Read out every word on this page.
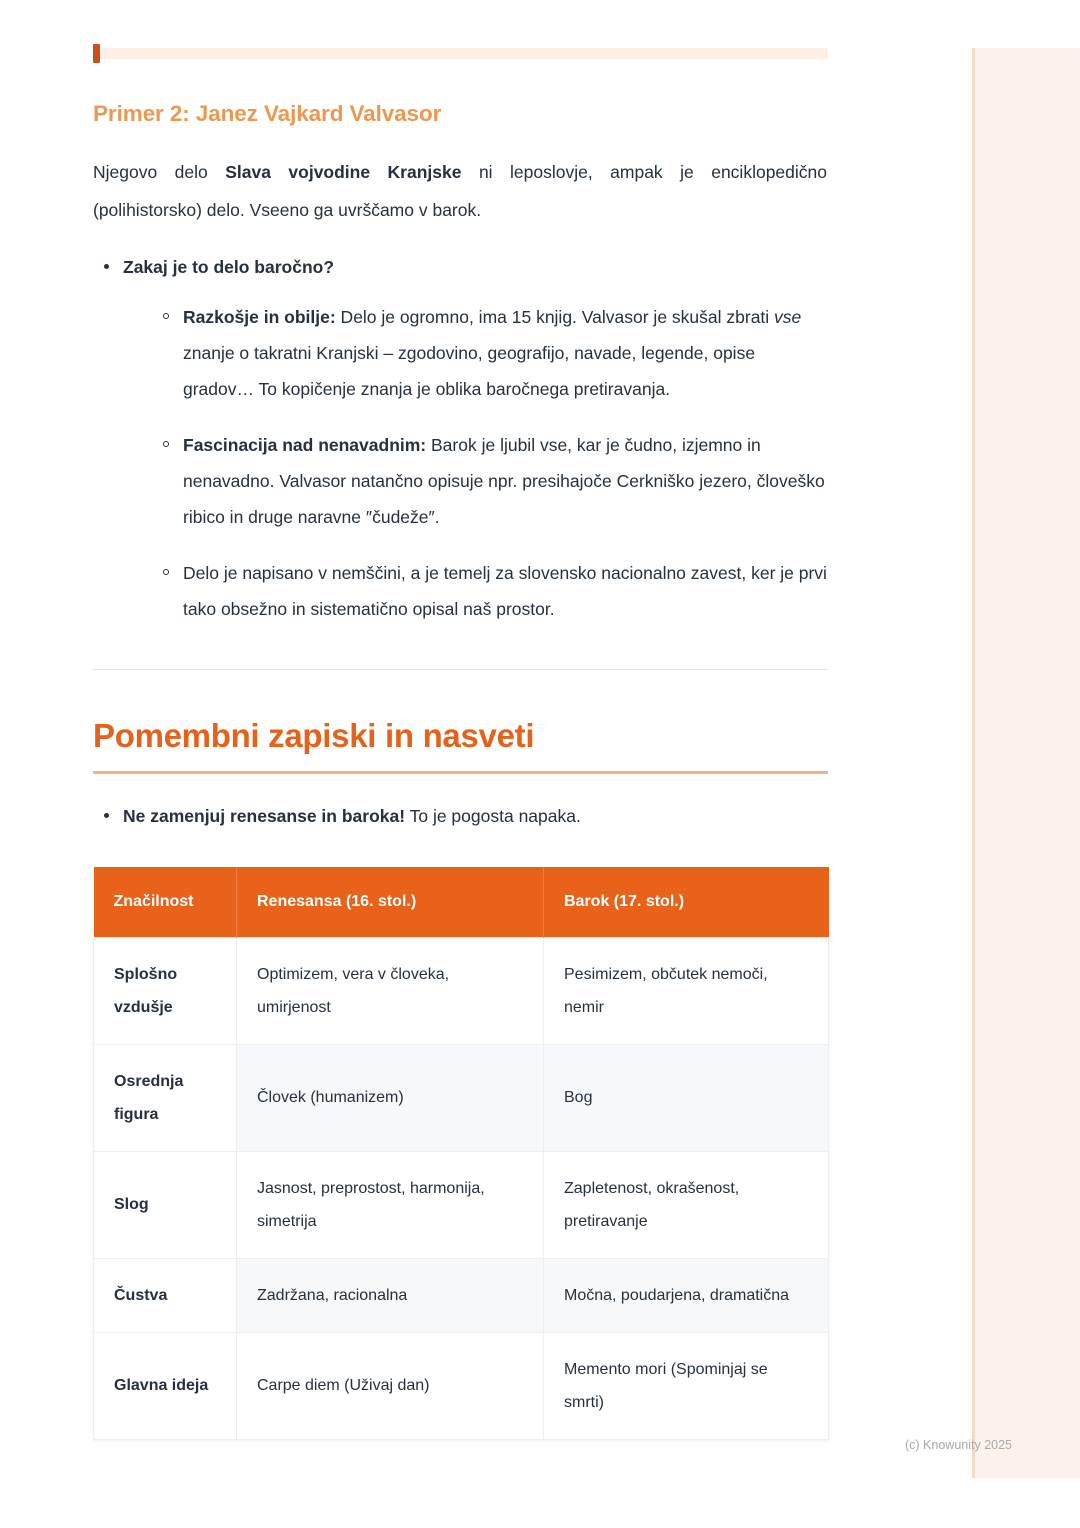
Primer 2: Janez Vajkard Valvasor

Njegovo delo Slava vojvodine Kranjske ni leposlovje, ampak je enciklopedično (polihistorsko) delo. Vseeno ga uvrščamo v barok.

Zakaj je to delo baročno?
Razkošje in obilje: Delo je ogromno, ima 15 knjig. Valvasor je skušal zbrati vse znanje o takratni Kranjski – zgodovino, geografijo, navade, legende, opise gradov… To kopičenje znanja je oblika baročnega pretiravanja.
Fascinacija nad nenavadnim: Barok je ljubil vse, kar je čudno, izjemno in nenavadno. Valvasor natančno opisuje npr. presihajoče Cerkniško jezero, človeško ribico in druge naravne ″čudeže″.
Delo je napisano v nemščini, a je temelj za slovensko nacionalno zavest, ker je prvi tako obsežno in sistematično opisal naš prostor.
Pomembni zapiski in nasveti
Ne zamenjuj renesanse in baroka! To je pogosta napaka.
Značilnost	Renesansa (16. stol.)	Barok (17. stol.)
Splošno vzdušje	Optimizem, vera v človeka, umirjenost	Pesimizem, občutek nemoči, nemir
Osrednja figura	Človek (humanizem)	Bog
Slog	Jasnost, preprostost, harmonija, simetrija	Zapletenost, okrašenost, pretiravanje
Čustva	Zadržana, racionalna	Močna, poudarjena, dramatična
Glavna ideja	Carpe diem (Uživaj dan)	Memento mori (Spominjaj se smrti)
(c) Knowunity 2025
